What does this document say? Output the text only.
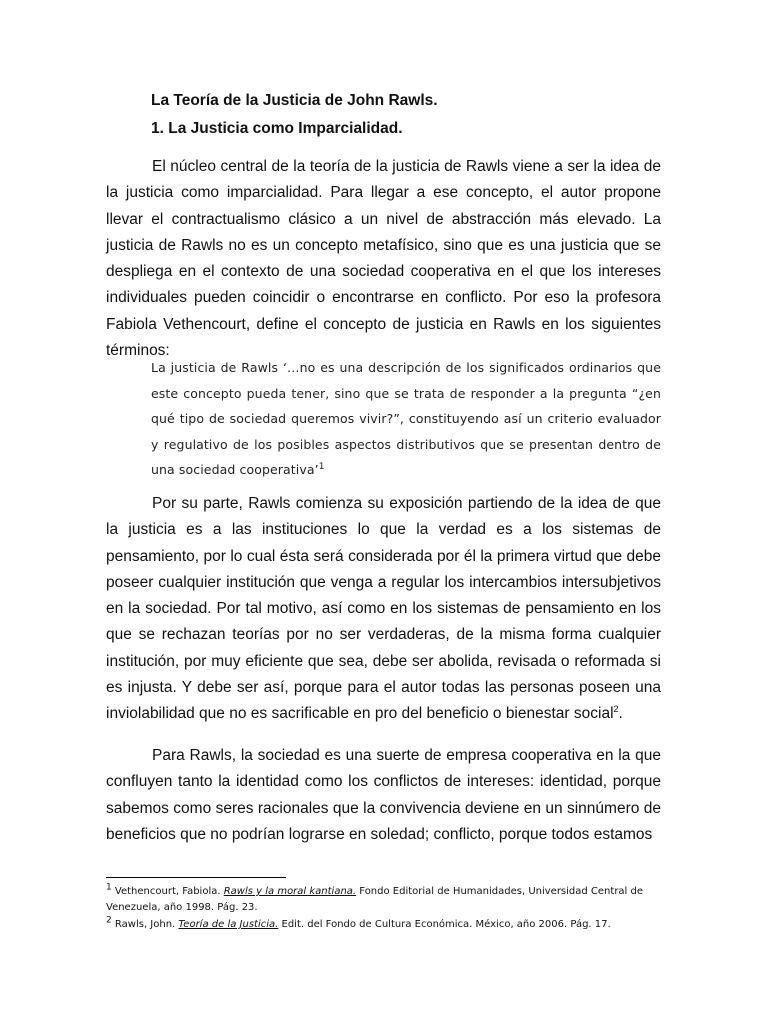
La Teoría de la Justicia de John Rawls.
1. La Justicia como Imparcialidad.

El núcleo central de la teoría de la justicia de Rawls viene a ser la idea de la justicia como imparcialidad. Para llegar a ese concepto, el autor propone llevar el contractualismo clásico a un nivel de abstracción más elevado. La justicia de Rawls no es un concepto metafísico, sino que es una justicia que se despliega en el contexto de una sociedad cooperativa en el que los intereses individuales pueden coincidir o encontrarse en conflicto. Por eso la profesora Fabiola Vethencourt, define el concepto de justicia en Rawls en los siguientes términos:

La justicia de Rawls ‘…no es una descripción de los significados ordinarios que este concepto pueda tener, sino que se trata de responder a la pregunta “¿en qué tipo de sociedad queremos vivir?”, constituyendo así un criterio evaluador y regulativo de los posibles aspectos distributivos que se presentan dentro de una sociedad cooperativa’$^1$

Por su parte, Rawls comienza su exposición partiendo de la idea de que la justicia es a las instituciones lo que la verdad es a los sistemas de pensamiento, por lo cual ésta será considerada por él la primera virtud que debe poseer cualquier institución que venga a regular los intercambios intersubjetivos en la sociedad. Por tal motivo, así como en los sistemas de pensamiento en los que se rechazan teorías por no ser verdaderas, de la misma forma cualquier institución, por muy eficiente que sea, debe ser abolida, revisada o reformada si es injusta. Y debe ser así, porque para el autor todas las personas poseen una inviolabilidad que no es sacrificable en pro del beneficio o bienestar social$^2$.

Para Rawls, la sociedad es una suerte de empresa cooperativa en la que confluyen tanto la identidad como los conflictos de intereses: identidad, porque sabemos como seres racionales que la convivencia deviene en un sinnúmero de beneficios que no podrían lograrse en soledad; conflicto, porque todos estamos

$^1$ Vethencourt, Fabiola. Rawls y la moral kantiana. Fondo Editorial de Humanidades, Universidad Central de Venezuela, año 1998. Pág. 23.

$^2$ Rawls, John. Teoría de la Justicia. Edit. del Fondo de Cultura Económica. México, año 2006. Pág. 17.
